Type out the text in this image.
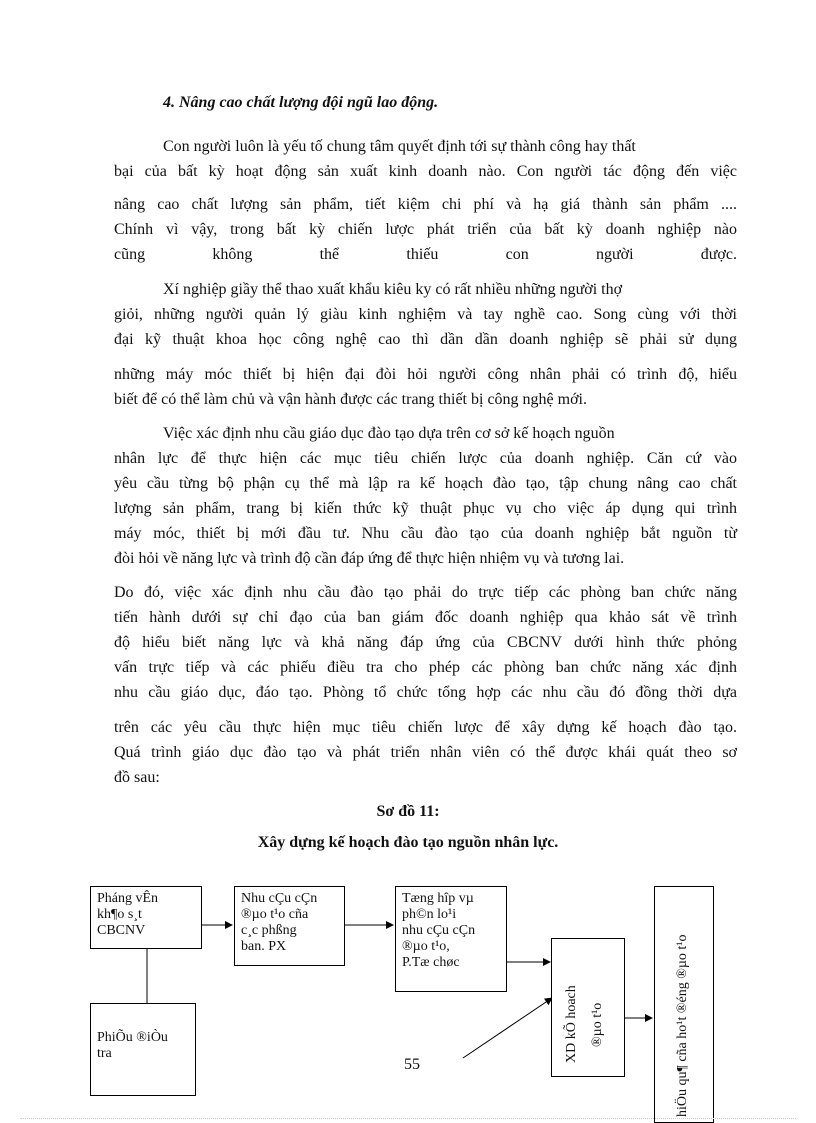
4. Nâng cao chất lượng đội ngũ lao động.
Con người luôn là yếu tố chung tâm quyết định tới sự thành công hay thất
bại của bất kỳ hoạt động sản xuất kinh doanh nào. Con người tác động đến việc
nâng cao chất lượng sản phẩm, tiết kiệm chi phí và hạ giá thành sản phẩm ....
Chính vì vậy, trong bất kỳ chiến lược phát triển của bất kỳ doanh nghiệp nào
cũng không thể thiếu con người được.
Xí nghiệp giầy thể thao xuất khẩu kiêu ky có rất nhiều những người thợ
giỏi, những người quản lý giàu kinh nghiệm và tay nghề cao. Song cùng với thời
đại kỹ thuật khoa học công nghệ cao thì dần dần doanh nghiệp sẽ phải sử dụng
những máy móc thiết bị hiện đại đòi hỏi người công nhân phải có trình độ, hiểu
biết để có thể làm chủ và vận hành được các trang thiết bị công nghệ mới.
Việc xác định nhu cầu giáo dục đào tạo dựa trên cơ sở kế hoạch nguồn
nhân lực để thực hiện các mục tiêu chiến lược của doanh nghiệp. Căn cứ vào
yêu cầu từng bộ phận cụ thể mà lập ra kế hoạch đào tạo, tập chung nâng cao chất
lượng sản phẩm, trang bị kiến thức kỹ thuật phục vụ cho việc áp dụng qui trình
máy móc, thiết bị mới đầu tư. Nhu cầu đào tạo của doanh nghiệp bắt nguồn từ
đòi hỏi về năng lực và trình độ cần đáp ứng để thực hiện nhiệm vụ và tương lai.
Do đó, việc xác định nhu cầu đào tạo phải do trực tiếp các phòng ban chức năng
tiến hành dưới sự chỉ đạo của ban giám đốc doanh nghiệp qua khảo sát về trình
độ hiểu biết năng lực và khả năng đáp ứng của CBCNV dưới hình thức phỏng
vấn trực tiếp và các phiếu điều tra cho phép các phòng ban chức năng xác định
nhu cầu giáo dục, đáo tạo. Phòng tổ chức tổng hợp các nhu cầu đó đồng thời dựa
trên các yêu cầu thực hiện mục tiêu chiến lược để xây dựng kế hoạch đào tạo.
Quá trình giáo dục đào tạo và phát triển nhân viên có thể được khái quát theo sơ
đồ sau:
Sơ đồ 11:
Xây dựng kế hoạch đào tạo nguồn nhân lực.
Pháng vÊn
kh¶o s¸t
CBCNV
Nhu cÇu cÇn
®µo t¹o cña
c¸c phßng
ban. PX
Tæng hîp vµ
ph©n lo¹i
nhu cÇu cÇn
®µo t¹o,
P.Tæ chøc
PhiÕu ®iÒu
tra	XD kÕ hoach ®µo t¹o	hiÖu qu¶ cña ho¹t ®éng ®µo t¹o
55
